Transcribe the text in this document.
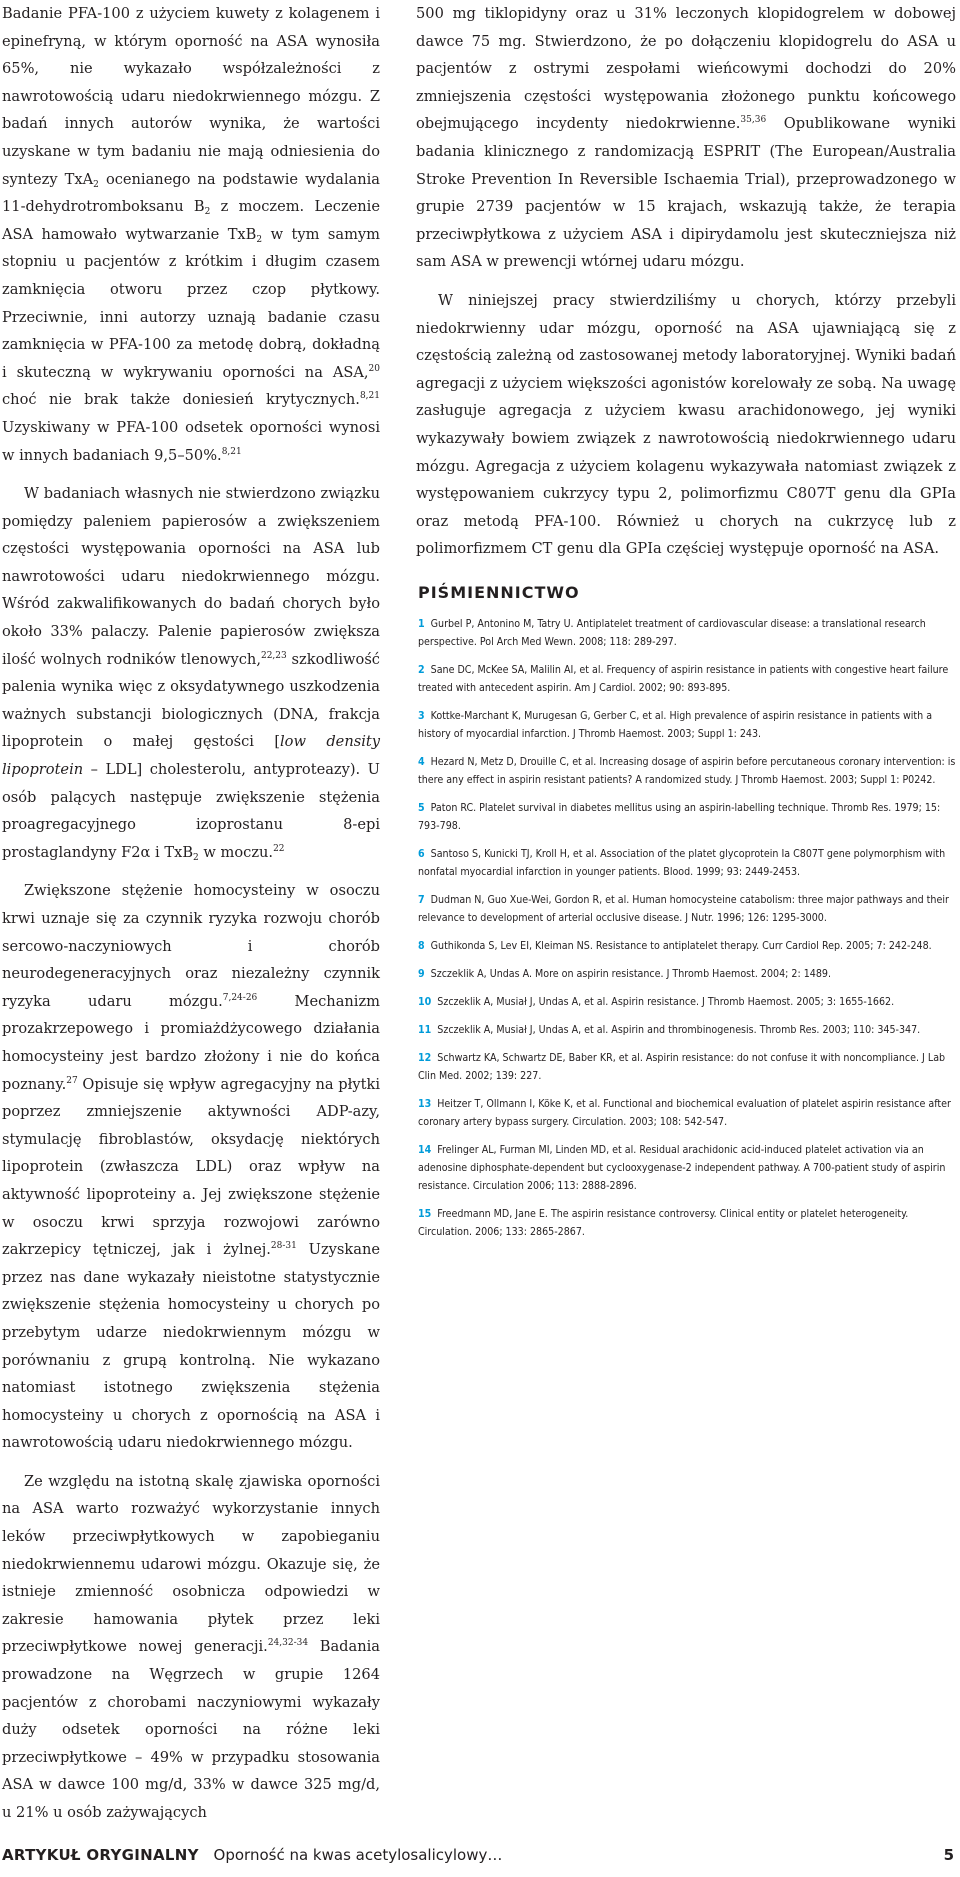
Badanie PFA-100 z użyciem kuwety z kolagenem i epinefryną, w którym oporność na ASA wynosiła 65%, nie wykazało współzależności z nawrotowością udaru niedokrwiennego mózgu. Z badań innych autorów wynika, że wartości uzyskane w tym badaniu nie mają odniesienia do syntezy TxA$_2$ ocenianego na podstawie wydalania 11-dehydrotromboksanu $B_2$ z moczem. Leczenie ASA hamowało wytwarzanie TxB$_2$ w tym samym stopniu u pacjentów z krótkim i długim czasem zamknięcia otworu przez czop płytkowy. Przeciwnie, inni autorzy uznają badanie czasu zamknięcia w PFA-100 za metodę dobrą, dokładną i skuteczną w wykrywaniu oporności na ASA,$^{20}$ choć nie brak także doniesień krytycznych.$^{8,21}$ Uzyskiwany w PFA-100 odsetek oporności wynosi w innych badaniach 9,5–50%.$^{8,21}$

W badaniach własnych nie stwierdzono związku pomiędzy paleniem papierosów a zwiększeniem częstości występowania oporności na ASA lub nawrotowości udaru niedokrwiennego mózgu. Wśród zakwalifikowanych do badań chorych było około 33% palaczy. Palenie papierosów zwiększa ilość wolnych rodników tlenowych,$^{22,23}$ szkodliwość palenia wynika więc z oksydatywnego uszkodzenia ważnych substancji biologicznych (DNA, frakcja lipoprotein o małej gęstości [low density lipoprotein – LDL] cholesterolu, antyproteazy). U osób palących następuje zwiększenie stężenia proagregacyjnego izoprostanu 8-epi prostaglandyny F2α i TxB$_2$ w moczu.$^{22}$

Zwiększone stężenie homocysteiny w osoczu krwi uznaje się za czynnik ryzyka rozwoju chorób sercowo-naczyniowych i chorób neurodegeneracyjnych oraz niezależny czynnik ryzyka udaru mózgu.$^{7,24-26}$ Mechanizm prozakrzepowego i promiażdżycowego działania homocysteiny jest bardzo złożony i nie do końca poznany.$^{27}$ Opisuje się wpływ agregacyjny na płytki poprzez zmniejszenie aktywności ADP-azy, stymulację fibroblastów, oksydację niektórych lipoprotein (zwłaszcza LDL) oraz wpływ na aktywność lipoproteiny a. Jej zwiększone stężenie w osoczu krwi sprzyja rozwojowi zarówno zakrzepicy tętniczej, jak i żylnej.$^{28-31}$ Uzyskane przez nas dane wykazały nieistotne statystycznie zwiększenie stężenia homocysteiny u chorych po przebytym udarze niedokrwiennym mózgu w porównaniu z grupą kontrolną. Nie wykazano natomiast istotnego zwiększenia stężenia homocysteiny u chorych z opornością na ASA i nawrotowością udaru niedokrwiennego mózgu.

Ze względu na istotną skalę zjawiska oporności na ASA warto rozważyć wykorzystanie innych leków przeciwpłytkowych w zapobieganiu niedokrwiennemu udarowi mózgu. Okazuje się, że istnieje zmienność osobnicza odpowiedzi w zakresie hamowania płytek przez leki przeciwpłytkowe nowej generacji.$^{24,32-34}$ Badania prowadzone na Węgrzech w grupie 1264 pacjentów z chorobami naczyniowymi wykazały duży odsetek oporności na różne leki przeciwpłytkowe – 49% w przypadku stosowania ASA w dawce 100 mg/d, 33% w dawce 325 mg/d, u 21% u osób zażywających

500 mg tiklopidyny oraz u 31% leczonych klopidogrelem w dobowej dawce 75 mg. Stwierdzono, że po dołączeniu klopidogrelu do ASA u pacjentów z ostrymi zespołami wieńcowymi dochodzi do 20% zmniejszenia częstości występowania złożonego punktu końcowego obejmującego incydenty niedokrwienne.$^{35,36}$ Opublikowane wyniki badania klinicznego z randomizacją ESPRIT (The European/Australia Stroke Prevention In Reversible Ischaemia Trial), przeprowadzonego w grupie 2739 pacjentów w 15 krajach, wskazują także, że terapia przeciwpłytkowa z użyciem ASA i dipirydamolu jest skuteczniejsza niż sam ASA w prewencji wtórnej udaru mózgu.

W niniejszej pracy stwierdziliśmy u chorych, którzy przebyli niedokrwienny udar mózgu, oporność na ASA ujawniającą się z częstością zależną od zastosowanej metody laboratoryjnej. Wyniki badań agregacji z użyciem większości agonistów korelowały ze sobą. Na uwagę zasługuje agregacja z użyciem kwasu arachidonowego, jej wyniki wykazywały bowiem związek z nawrotowością niedokrwiennego udaru mózgu. Agregacja z użyciem kolagenu wykazywała natomiast związek z występowaniem cukrzycy typu 2, polimorfizmu C807T genu dla GPIa oraz metodą PFA-100. Również u chorych na cukrzycę lub z polimorfizmem CT genu dla GPIa częściej występuje oporność na ASA.

PIŚMIENNICTWO
1 Gurbel P, Antonino M, Tatry U. Antiplatelet treatment of cardiovascular disease: a translational research perspective. Pol Arch Med Wewn. 2008; 118: 289-297.
2 Sane DC, McKee SA, Malilin AI, et al. Frequency of aspirin resistance in patients with congestive heart failure treated with antecedent aspirin. Am J Cardiol. 2002; 90: 893-895.
3 Kottke-Marchant K, Murugesan G, Gerber C, et al. High prevalence of aspirin resistance in patients with a history of myocardial infarction. J Thromb Haemost. 2003; Suppl 1: 243.
4 Hezard N, Metz D, Drouille C, et al. Increasing dosage of aspirin before percutaneous coronary intervention: is there any effect in aspirin resistant patients? A randomized study. J Thromb Haemost. 2003; Suppl 1: P0242.
5 Paton RC. Platelet survival in diabetes mellitus using an aspirin-labelling technique. Thromb Res. 1979; 15: 793-798.
6 Santoso S, Kunicki TJ, Kroll H, et al. Association of the platet glycoprotein Ia C807T gene polymorphism with nonfatal myocardial infarction in younger patients. Blood. 1999; 93: 2449-2453.
7 Dudman N, Guo Xue-Wei, Gordon R, et al. Human homocysteine catabolism: three major pathways and their relevance to development of arterial occlusive disease. J Nutr. 1996; 126: 1295-3000.
8 Guthikonda S, Lev EI, Kleiman NS. Resistance to antiplatelet therapy. Curr Cardiol Rep. 2005; 7: 242-248.
9 Szczeklik A, Undas A. More on aspirin resistance. J Thromb Haemost. 2004; 2: 1489.
10 Szczeklik A, Musiał J, Undas A, et al. Aspirin resistance. J Thromb Haemost. 2005; 3: 1655-1662.
11 Szczeklik A, Musiał J, Undas A, et al. Aspirin and thrombinogenesis. Thromb Res. 2003; 110: 345-347.
12 Schwartz KA, Schwartz DE, Baber KR, et al. Aspirin resistance: do not confuse it with noncompliance. J Lab Clin Med. 2002; 139: 227.
13 Heitzer T, Ollmann I, Köke K, et al. Functional and biochemical evaluation of platelet aspirin resistance after coronary artery bypass surgery. Circulation. 2003; 108: 542-547.
14 Frelinger AL, Furman MI, Linden MD, et al. Residual arachidonic acid-induced platelet activation via an adenosine diphosphate-dependent but cyclooxygenase-2 independent pathway. A 700-patient study of aspirin resistance. Circulation 2006; 113: 2888-2896.
15 Freedmann MD, Jane E. The aspirin resistance controversy. Clinical entity or platelet heterogeneity. Circulation. 2006; 133: 2865-2867.
ARTYKUŁ ORYGINALNY Oporność na kwas acetylosalicylowy…	5
